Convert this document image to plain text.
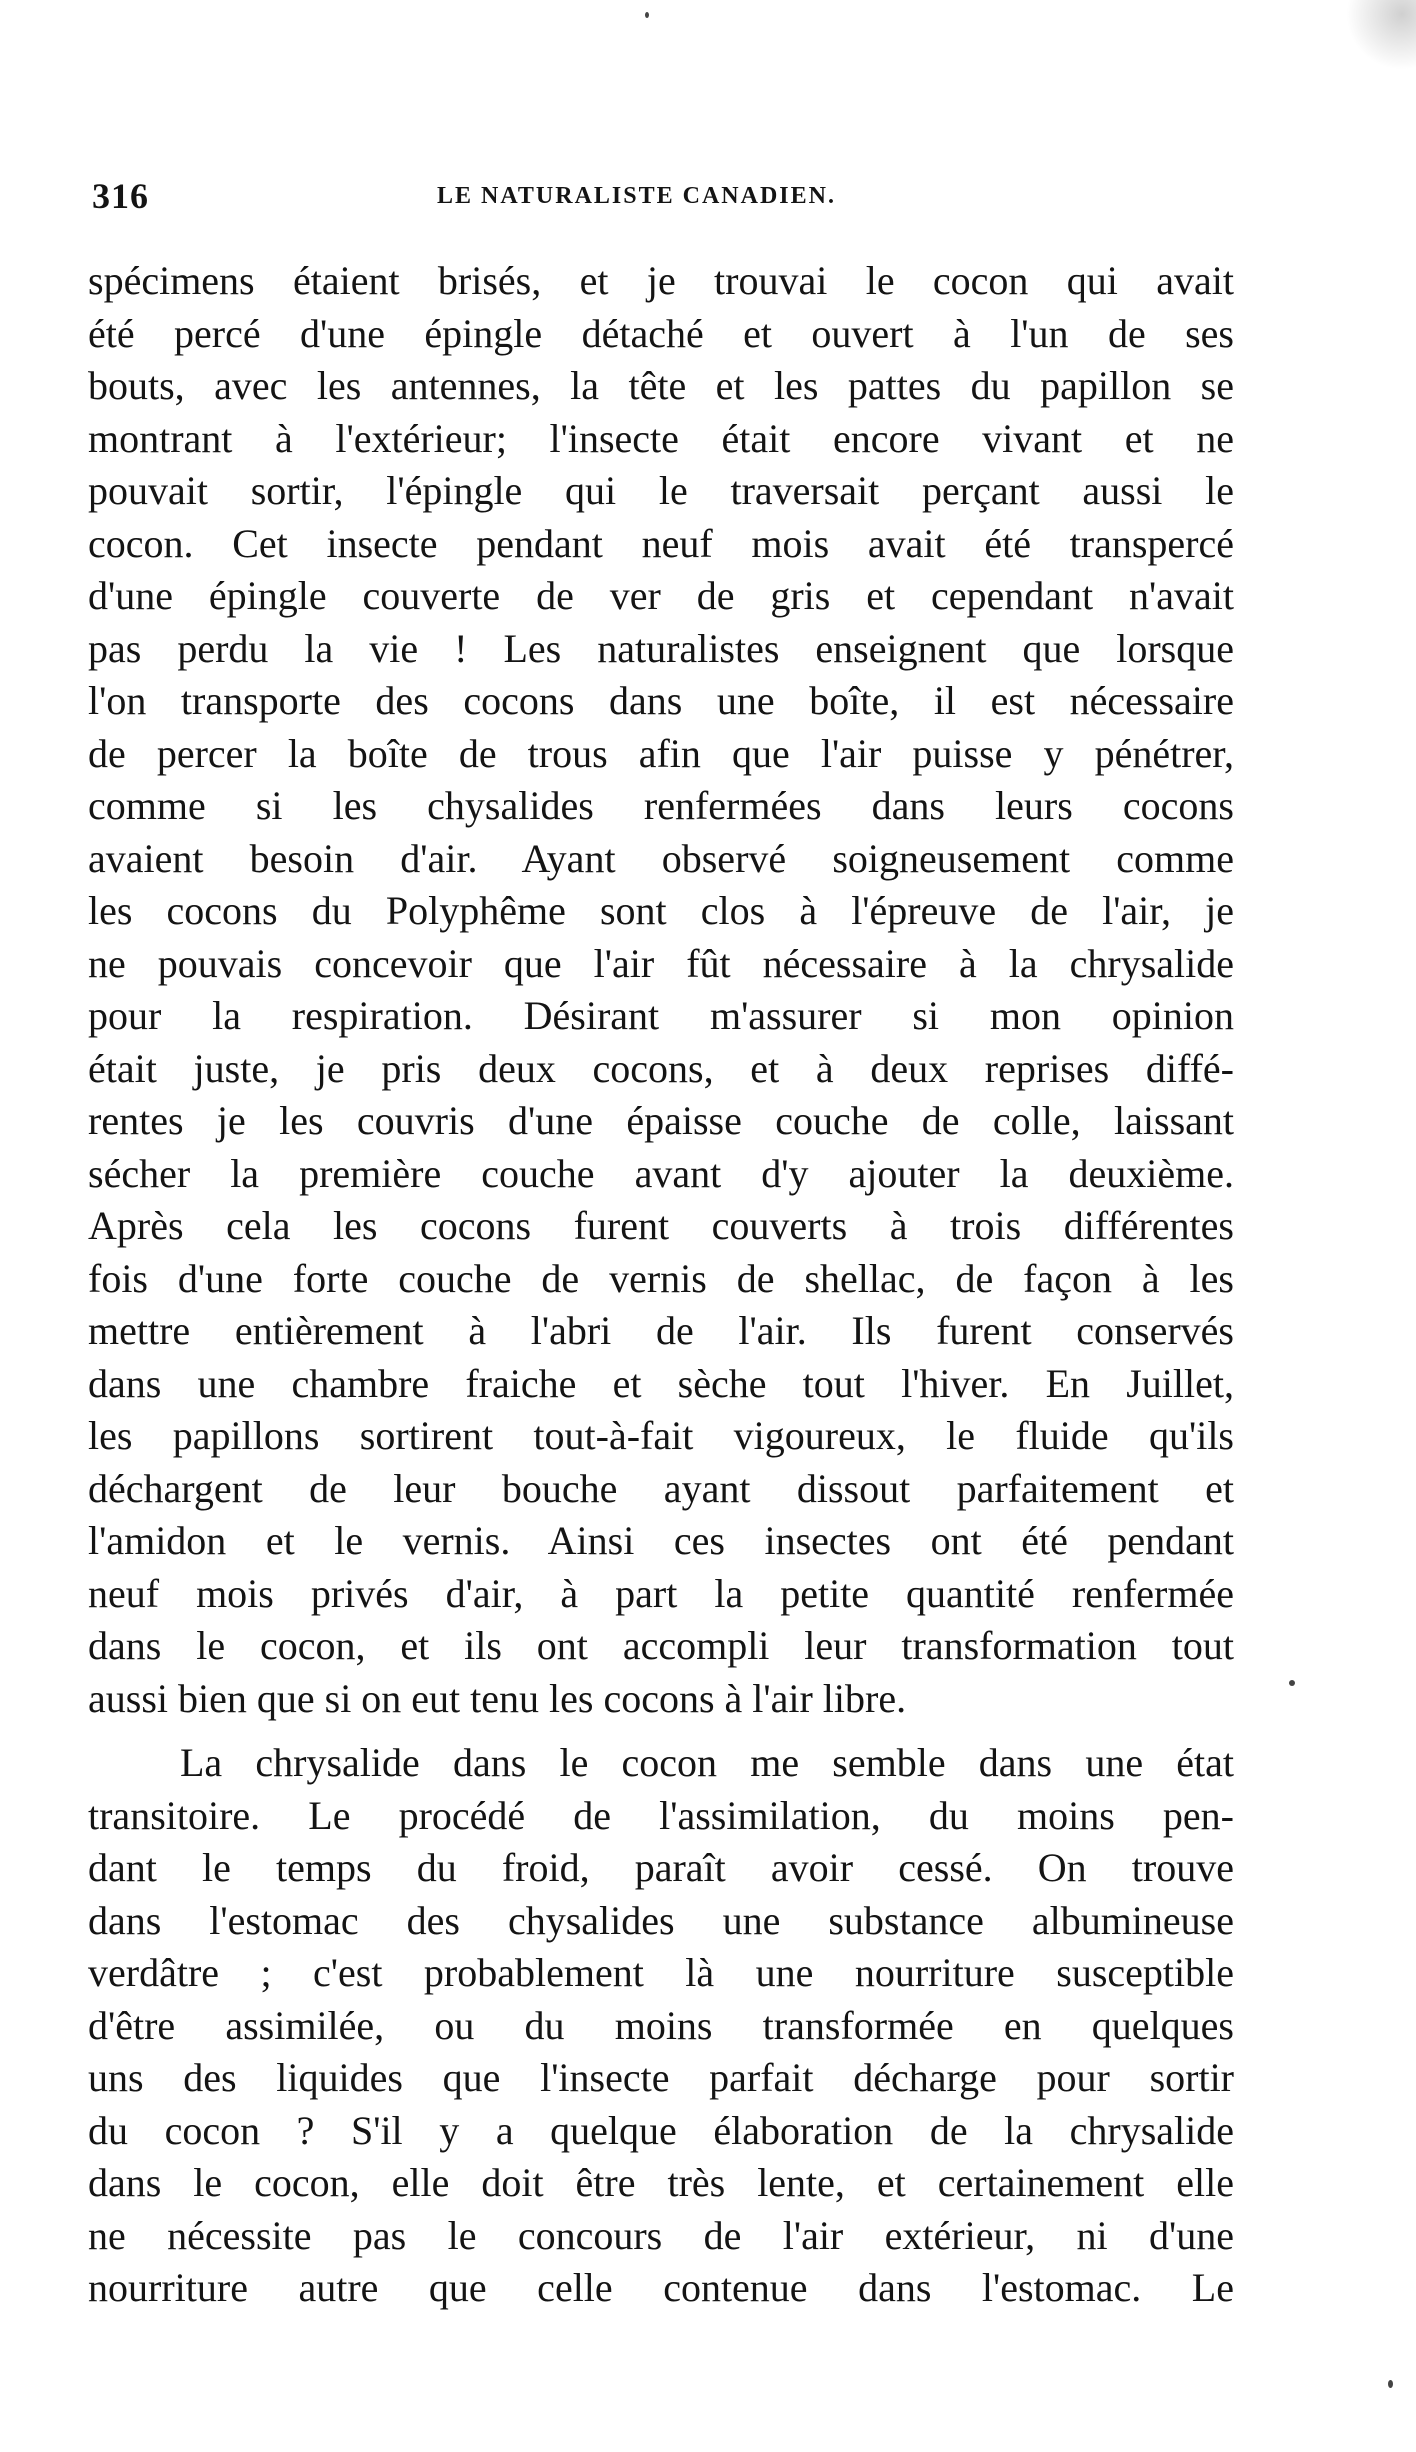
316	LE NATURALISTE CANADIEN.
spécimens étaient brisés, et je trouvai le cocon qui avait
été percé d'une épingle détaché et ouvert à l'un de ses
bouts, avec les antennes, la tête et les pattes du papillon se
montrant à l'extérieur; l'insecte était encore vivant et ne
pouvait sortir, l'épingle qui le traversait perçant aussi le
cocon. Cet insecte pendant neuf mois avait été transpercé
d'une épingle couverte de ver de gris et cependant n'avait
pas perdu la vie ! Les naturalistes enseignent que lorsque
l'on transporte des cocons dans une boîte, il est nécessaire
de percer la boîte de trous afin que l'air puisse y pénétrer,
comme si les chysalides renfermées dans leurs cocons
avaient besoin d'air. Ayant observé soigneusement comme
les cocons du Polyphême sont clos à l'épreuve de l'air, je
ne pouvais concevoir que l'air fût nécessaire à la chrysalide
pour la respiration. Désirant m'assurer si mon opinion
était juste, je pris deux cocons, et à deux reprises diffé-
rentes je les couvris d'une épaisse couche de colle, laissant
sécher la première couche avant d'y ajouter la deuxième.
Après cela les cocons furent couverts à trois différentes
fois d'une forte couche de vernis de shellac, de façon à les
mettre entièrement à l'abri de l'air. Ils furent conservés
dans une chambre fraiche et sèche tout l'hiver. En Juillet,
les papillons sortirent tout-à-fait vigoureux, le fluide qu'ils
déchargent de leur bouche ayant dissout parfaitement et
l'amidon et le vernis. Ainsi ces insectes ont été pendant
neuf mois privés d'air, à part la petite quantité renfermée
dans le cocon, et ils ont accompli leur transformation tout
aussi bien que si on eut tenu les cocons à l'air libre.
La chrysalide dans le cocon me semble dans une état
transitoire. Le procédé de l'assimilation, du moins pen-
dant le temps du froid, paraît avoir cessé. On trouve
dans l'estomac des chysalides une substance albumineuse
verdâtre ; c'est probablement là une nourriture susceptible
d'être assimilée, ou du moins transformée en quelques
uns des liquides que l'insecte parfait décharge pour sortir
du cocon ? S'il y a quelque élaboration de la chrysalide
dans le cocon, elle doit être très lente, et certainement elle
ne nécessite pas le concours de l'air extérieur, ni d'une
nourriture autre que celle contenue dans l'estomac. Le
